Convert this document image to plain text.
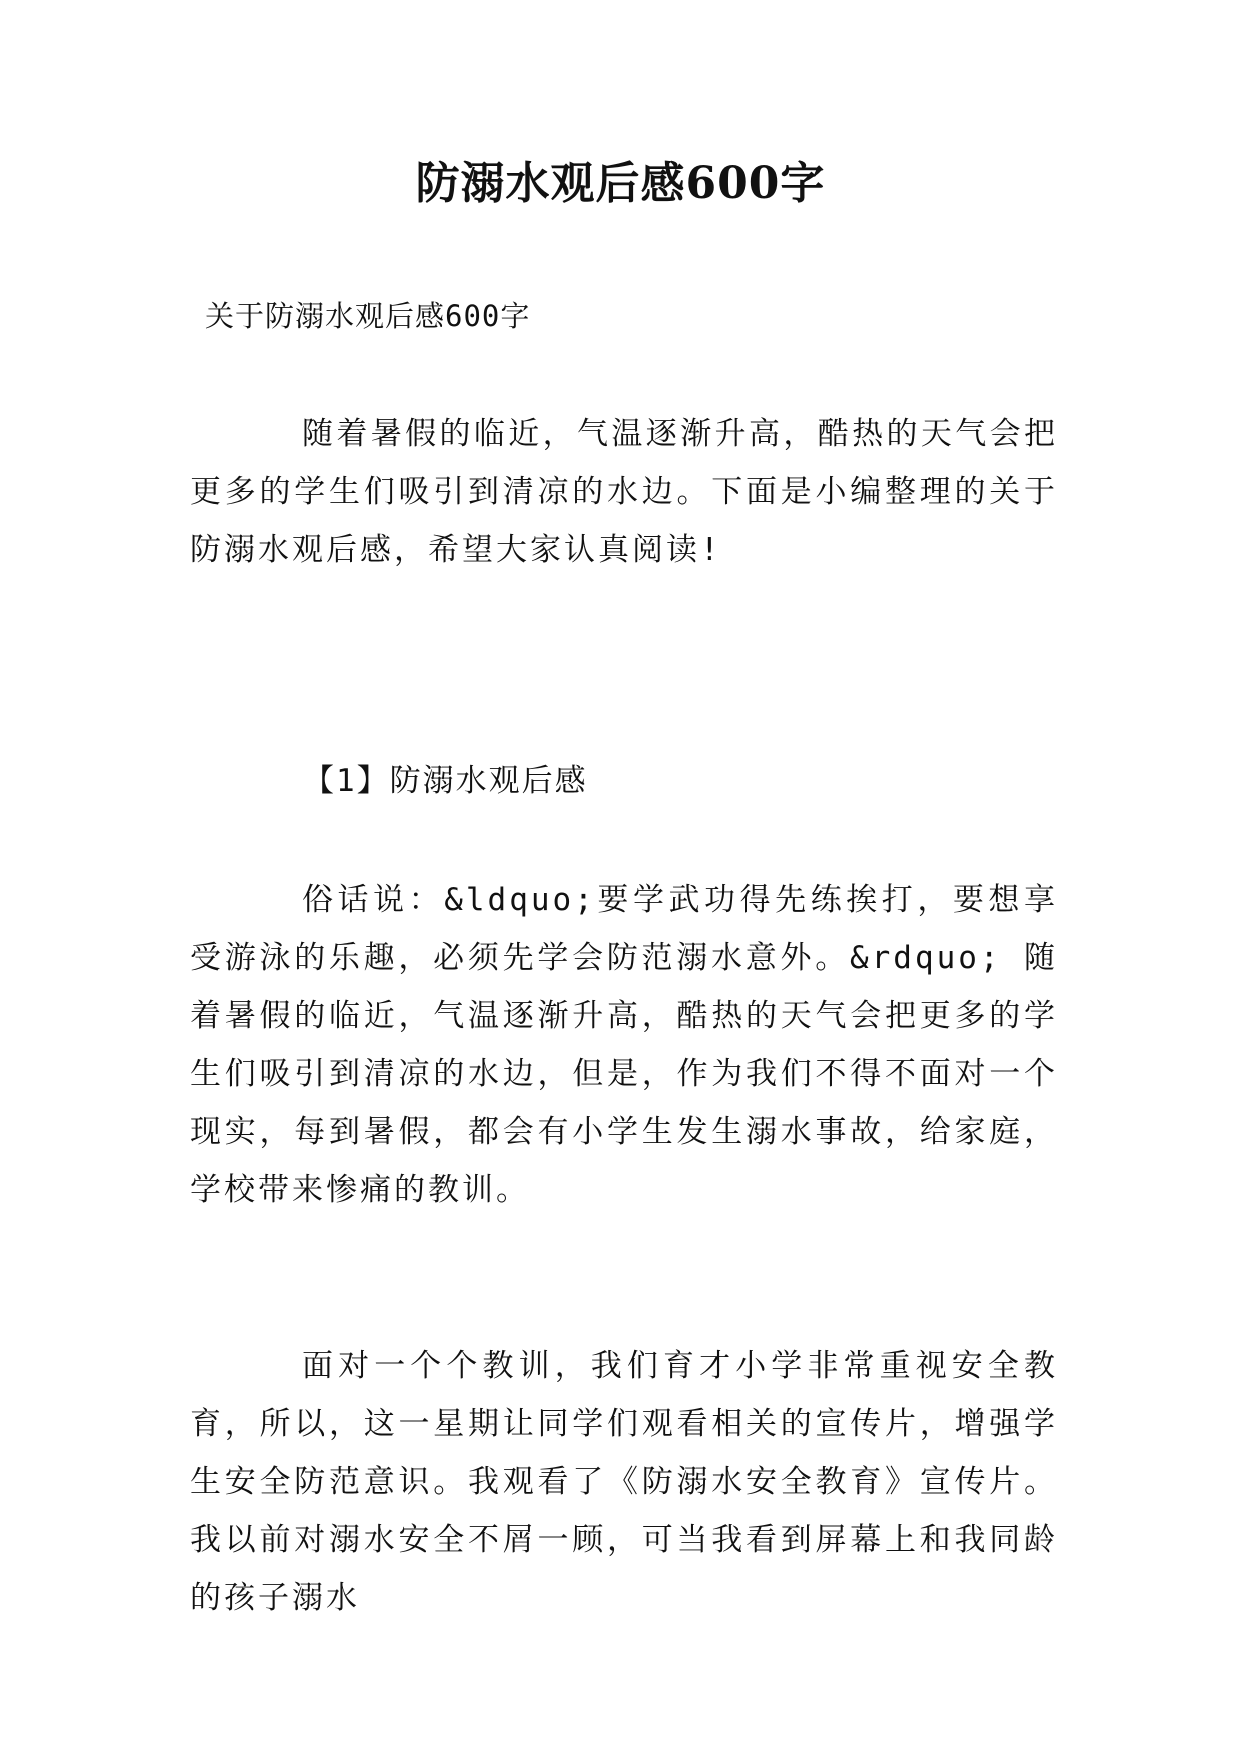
防溺水观后感600字
关于防溺水观后感600字
随着暑假的临近，气温逐渐升高，酷热的天气会把更多的学生们吸引到清凉的水边。下面是小编整理的关于防溺水观后感，希望大家认真阅读!
【1】防溺水观后感
俗话说：&ldquo;要学武功得先练挨打，要想享受游泳的乐趣，必须先学会防范溺水意外。&rdquo; 随着暑假的临近，气温逐渐升高，酷热的天气会把更多的学生们吸引到清凉的水边，但是，作为我们不得不面对一个现实，每到暑假，都会有小学生发生溺水事故，给家庭，学校带来惨痛的教训。
面对一个个教训，我们育才小学非常重视安全教育，所以，这一星期让同学们观看相关的宣传片，增强学生安全防范意识。我观看了《防溺水安全教育》宣传片。我以前对溺水安全不屑一顾，可当我看到屏幕上和我同龄的孩子溺水
